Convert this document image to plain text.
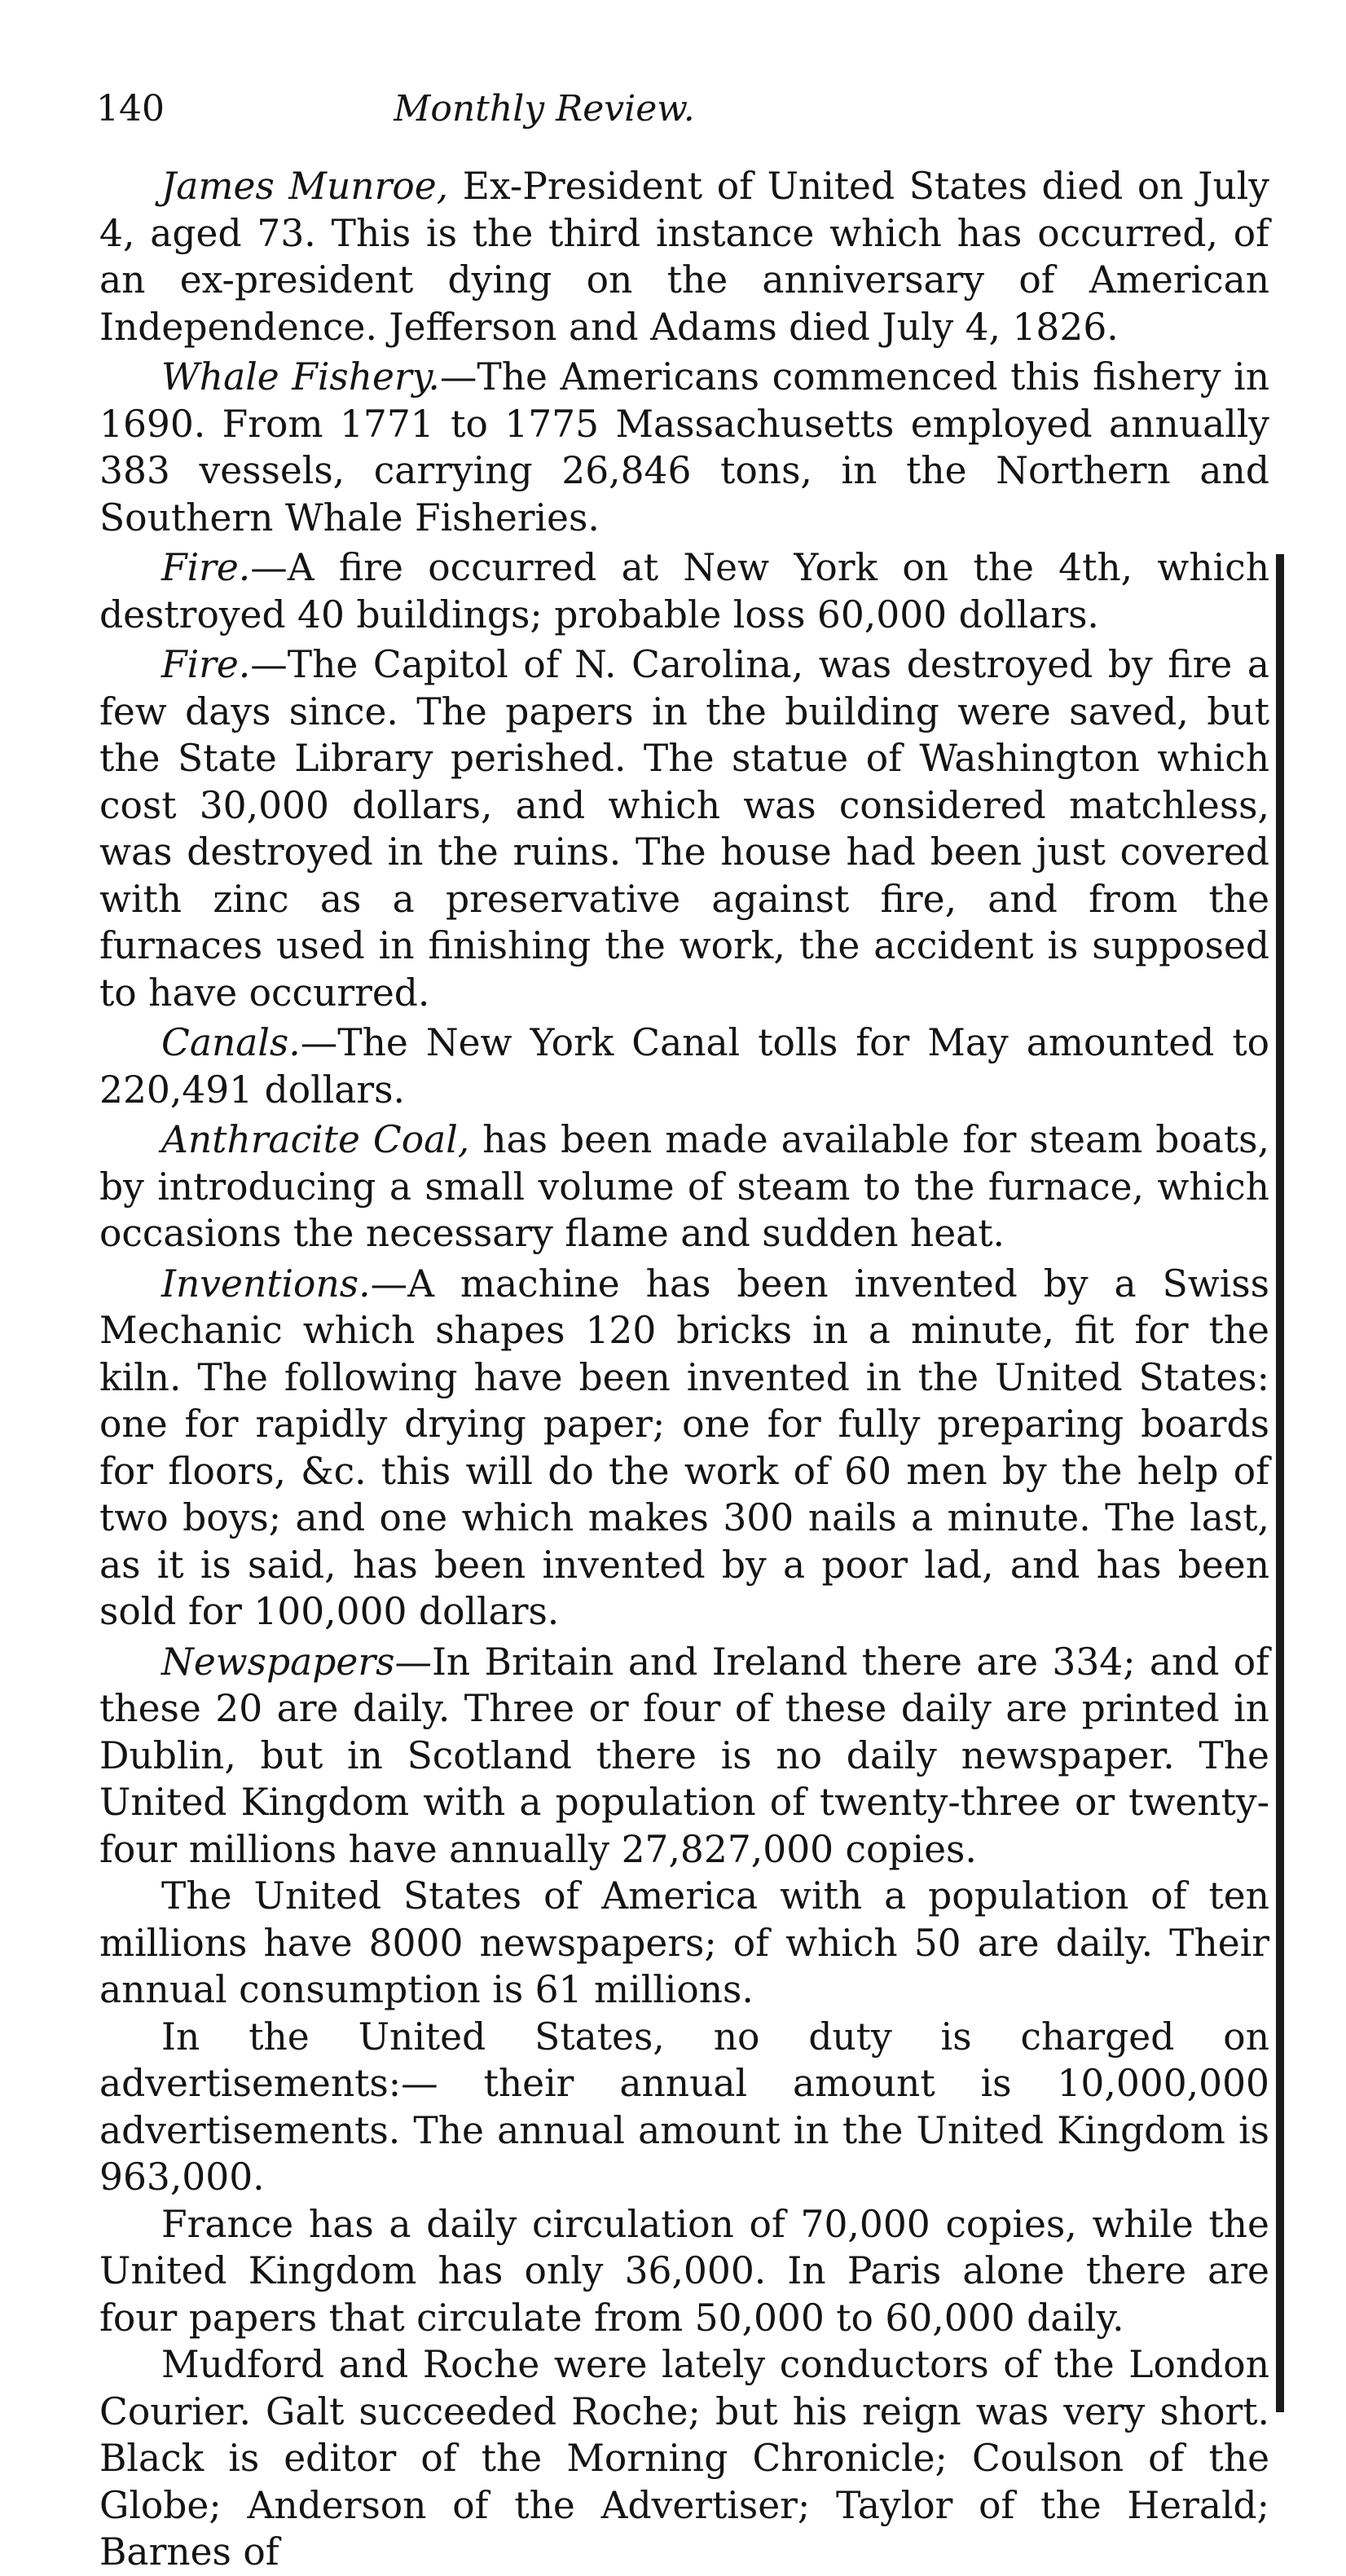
140	Monthly Review.

James Munroe, Ex-President of United States died on July 4, aged 73. This is the third instance which has occurred, of an ex-president dying on the anniversary of American Independence. Jefferson and Adams died July 4, 1826.

Whale Fishery.—The Americans commenced this fishery in 1690. From 1771 to 1775 Massachusetts employed annually 383 vessels, carrying 26,846 tons, in the Northern and Southern Whale Fisheries.

Fire.—A fire occurred at New York on the 4th, which destroyed 40 buildings; probable loss 60,000 dollars.

Fire.—The Capitol of N. Carolina, was destroyed by fire a few days since. The papers in the building were saved, but the State Library perished. The statue of Washington which cost 30,000 dollars, and which was considered matchless, was destroyed in the ruins. The house had been just covered with zinc as a preservative against fire, and from the furnaces used in finishing the work, the accident is supposed to have occurred.

Canals.—The New York Canal tolls for May amounted to 220,491 dollars.

Anthracite Coal, has been made available for steam boats, by introducing a small volume of steam to the furnace, which occasions the necessary flame and sudden heat.

Inventions.—A machine has been invented by a Swiss Mechanic which shapes 120 bricks in a minute, fit for the kiln. The following have been invented in the United States: one for rapidly drying paper; one for fully preparing boards for floors, &c. this will do the work of 60 men by the help of two boys; and one which makes 300 nails a minute. The last, as it is said, has been invented by a poor lad, and has been sold for 100,000 dollars.

Newspapers—In Britain and Ireland there are 334; and of these 20 are daily. Three or four of these daily are printed in Dublin, but in Scotland there is no daily newspaper. The United Kingdom with a population of twenty-three or twenty-four millions have annually 27,827,000 copies.

The United States of America with a population of ten millions have 8000 newspapers; of which 50 are daily. Their annual consumption is 61 millions.

In the United States, no duty is charged on advertisements:— their annual amount is 10,000,000 advertisements. The annual amount in the United Kingdom is 963,000.

France has a daily circulation of 70,000 copies, while the United Kingdom has only 36,000. In Paris alone there are four papers that circulate from 50,000 to 60,000 daily.

Mudford and Roche were lately conductors of the London Courier. Galt succeeded Roche; but his reign was very short. Black is editor of the Morning Chronicle; Coulson of the Globe; Anderson of the Advertiser; Taylor of the Herald; Barnes of
